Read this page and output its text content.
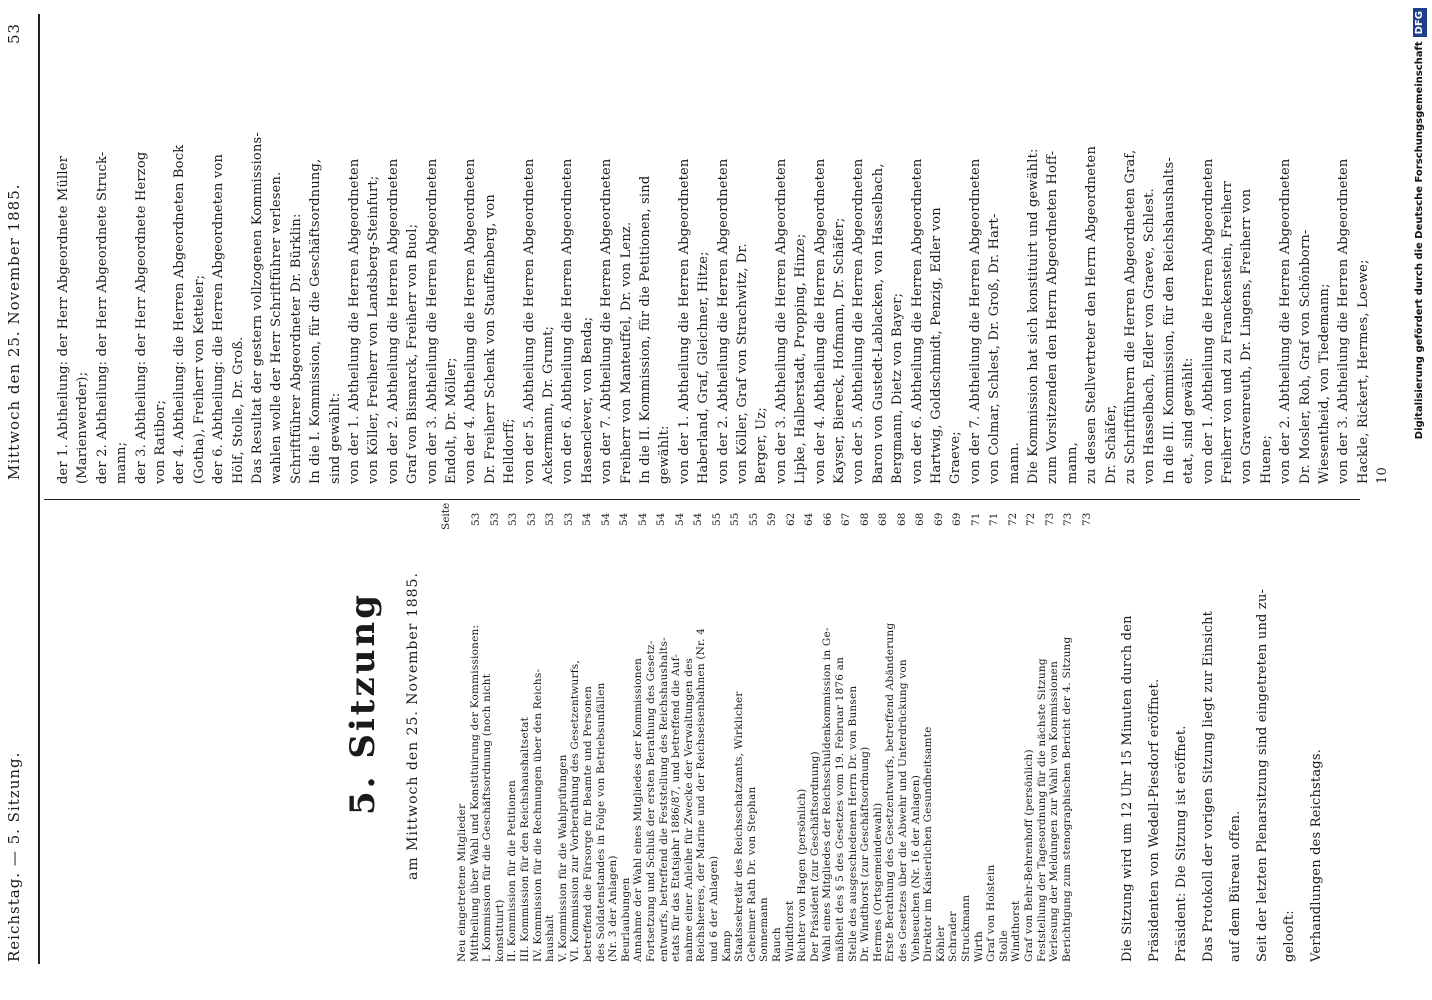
Reichstag. — 5. Sitzung.
Mittwoch den 25. November 1885.
53
5. Sitzung am Mittwoch den 25. November 1885.
Seite
Neu eingetretene Mitglieder Mittheilung über Wahl und Konstituirung der Kommissionen: I. Kommission für die Geschäftsordnung (noch nicht konstituirt) II. Kommission für die Petitionen III. Kommission für den Reichshaushaltsetat IV. Kommission für die Rechnungen über den Reichs- haushalt V. Kommission für die Wahlprüfungen VI. Kommission zur Vorberathung des Gesetzentwurfs, betreffend die Fürsorge für Beamte und Personen des Soldatenstandes in Folge von Betriebsunfällen (Nr. 3 der Anlagen) Beurlaubungen Annahme der Wahl eines Mitgliedes der Kommissionen Fortsetzung und Schluß der ersten Berathung des Gesetz- entwurfs, betreffend die Feststellung des Reichshaushalts- etats für das Etatsjahr 1886/87, und betreffend die Auf- nahme einer Anleihe für Zwecke der Verwaltungen des Reichsheeres, der Marine und der Reichseisenbahnen (Nr. 4 und 6 der Anlagen) Kamp Staatssekretär des Reichsschatzamts, Wirklicher Geheimer Rath Dr. von Stephan Sonnemann Rauch Windthorst Richter von Hagen (persönlich) Der Präsident (zur Geschäftsordnung) Wahl eines Mitgliedes der Reichsschuldenkommission in Ge- mäßheit des § 5 des Gesetzes vom 19. Februar 1876 an Stelle des ausgeschiedenen Herrn Dr. von Bunsen Dr. Windthorst (zur Geschäftsordnung) Hermes (Ortsgemeindewahl) Erste Berathung des Gesetzentwurfs, betreffend Abänderung des Gesetzes über die Abwehr und Unterdrückung von Viehseuchen (Nr. 16 der Anlagen) Direktor im Kaiserlichen Gesundheitsamte Köhler Schrader Struckmann Wirth Graf von Holstein Stolle Windthorst Graf von Behr-Behrenhoff (persönlich) Feststellung der Tagesordnung für die nächste Sitzung Verlesung der Meldungen zur Wahl von Kommissionen Berichtigung zum stenographischen Bericht der 4. Sitzung
53 53 53 53 53 53 54 54 54 54 54 54 54 55 55 55 59 62 64 66 67 68 68 68 68 69 69 71 71 72 72 73 73 73
Die Sitzung wird um 12 Uhr 15 Minuten durch den Präsidenten von Wedell-Piesdorf eröffnet. Präsident: Die Sitzung ist eröffnet. Das Protokoll der vorigen Sitzung liegt zur Einsicht auf dem Büreau offen. Seit der letzten Plenarsitzung sind eingetreten und zu- gelooft: Verhandlungen des Reichstags.
der 1. Abtheilung: der Herr Abgeordnete Müller (Marienwerder); der 2. Abtheilung: der Herr Abgeordnete Struck- mann; der 3. Abtheilung: der Herr Abgeordnete Herzog von Ratibor; der 4. Abtheilung: die Herren Abgeordneten Bock (Gotha), Freiherr von Ketteler; der 6. Abtheilung: die Herren Abgeordneten von Hölf, Stolle, Dr. Groß. Das Resultat der gestern vollzogenen Kommissions- wahlen wolle der Herr Schriftführer verlesen. Schriftführer Abgeordneter Dr. Bürklin: In die I. Kommission, für die Geschäftsordnung, sind gewählt: von der 1. Abtheilung die Herren Abgeordneten von Köller, Freiherr von Landsberg-Steinfurt; von der 2. Abtheilung die Herren Abgeordneten Graf von Bismarck, Freiherr von Buol; von der 3. Abtheilung die Herren Abgeordneten Endolt, Dr. Möller; von der 4. Abtheilung die Herren Abgeordneten Dr. Freiherr Schenk von Stauffenberg, von Helldorff; von der 5. Abtheilung die Herren Abgeordneten Ackermann, Dr. Grumt; von der 6. Abtheilung die Herren Abgeordneten Hasenclever, von Benda; von der 7. Abtheilung die Herren Abgeordneten Freiherr von Manteuffel, Dr. von Lenz. In die II. Kommission, für die Petitionen, sind gewählt: von der 1. Abtheilung die Herren Abgeordneten Haberland, Graf, Gleichner, Hitze; von der 2. Abtheilung die Herren Abgeordneten von Köller, Graf von Strachwitz, Dr. Berger, Uz; von der 3. Abtheilung die Herren Abgeordneten Lipke, Halberstadt, Propping, Hinze; von der 4. Abtheilung die Herren Abgeordneten Kayser, Biereck, Hofmann, Dr. Schäfer; von der 5. Abtheilung die Herren Abgeordneten Baron von Gustedt-Lablacken, von Hasselbach, Bergmann, Dietz von Bayer; von der 6. Abtheilung die Herren Abgeordneten Hartwig, Goldschmidt, Penzig, Edler von Graeve; von der 7. Abtheilung die Herren Abgeordneten von Colmar, Schlest, Dr. Groß, Dr. Hart- mann. Die Kommission hat sich konstituirt und gewählt: zum Vorsitzenden den Herrn Abgeordneten Hoff- mann, zu dessen Stellvertreter den Herrn Abgeordneten Dr. Schäfer, zu Schriftführern die Herren Abgeordneten Graf, von Hasselbach, Edler von Graeve, Schlest. In die III. Kommission, für den Reichshaushalts- etat, sind gewählt: von der 1. Abtheilung die Herren Abgeordneten Freiherr von und zu Franckenstein, Freiherr von Gravenreuth, Dr. Lingens, Freiherr von Huene; von der 2. Abtheilung die Herren Abgeordneten Dr. Mosler, Roh, Graf von Schönborn- Wiesentheid, von Tiedemann; von der 3. Abtheilung die Herren Abgeordneten Hackle, Rickert, Hermes, Loewe; 10
Digitalisierung gefördert durch die Deutsche ForschungsgemeinschaftDFG
